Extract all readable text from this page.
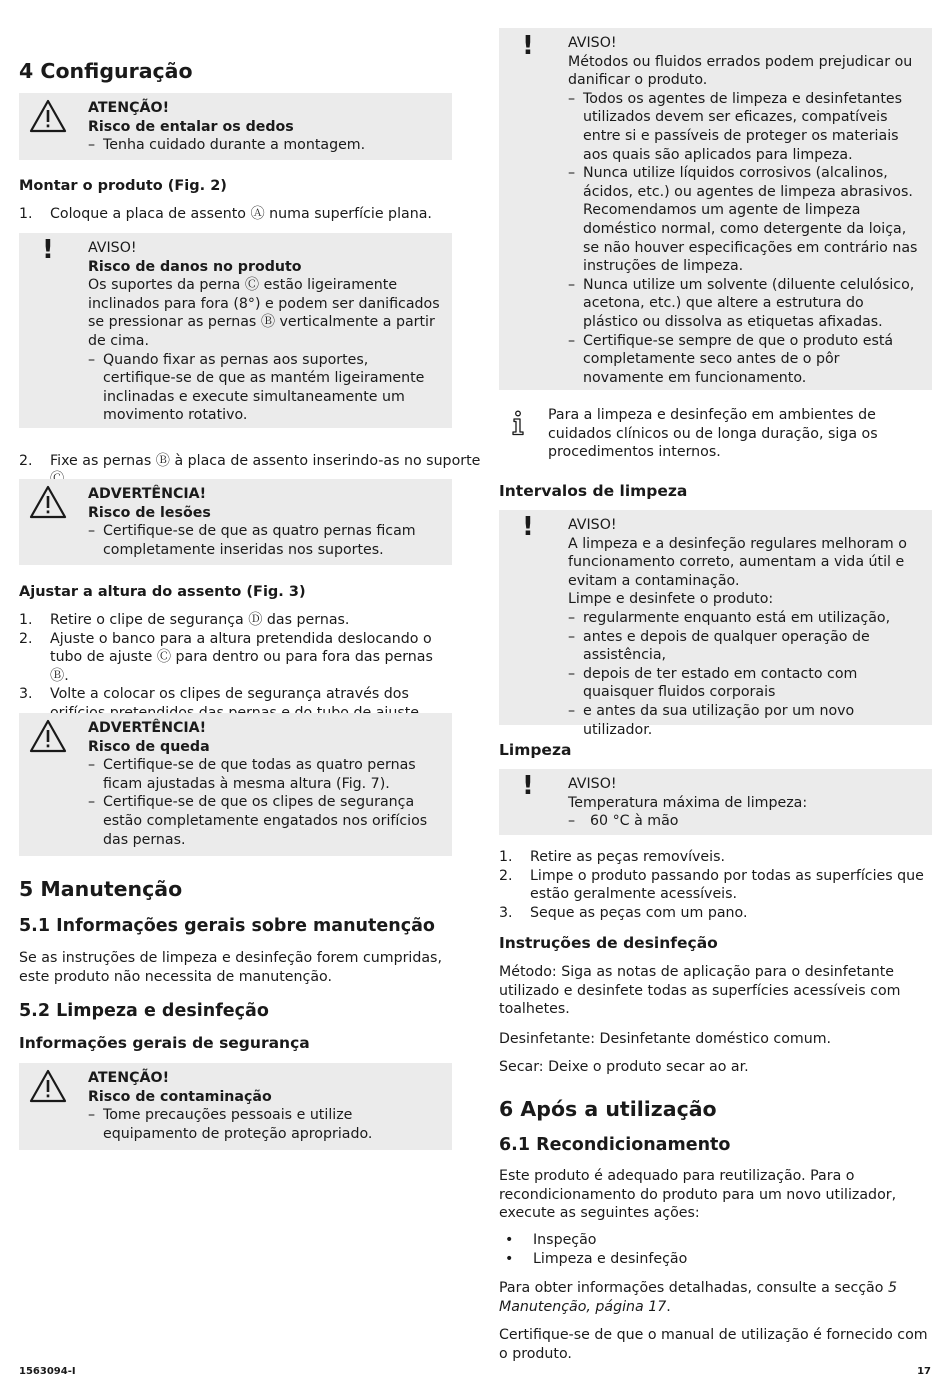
4 Configuração

ATENÇÃO!

Risco de entalar os dedos

– Tenha cuidado durante a montagem.

Montar o produto (Fig. 2)
1. Coloque a placa de assento Ⓐ numa superfície plana.
! AVISO!

Risco de danos no produto

Os suportes da perna Ⓒ estão ligeiramente inclinados para fora (8°) e podem ser danificados se pressionar as pernas Ⓑ verticalmente a partir de cima.

– Quando fixar as pernas aos suportes, certifique-se de que as mantém ligeiramente inclinadas e execute simultaneamente um movimento rotativo.

2. Fixe as pernas Ⓑ à placa de assento inserindo-as no suporte

ADVERTÊNCIA!

Risco de lesões

– Certifique-se de que as quatro pernas ficam completamente inseridas nos suportes.

Ajustar a altura do assento (Fig. 3)
1. Retire o clipe de segurança Ⓓ das pernas.
2. Ajuste o banco para a altura pretendida deslocando o tubo de ajuste Ⓒ para dentro ou para fora das pernas Ⓑ.
3. Volte a colocar os clipes de segurança através dos

ADVERTÊNCIA!

Risco de queda

– Certifique-se de que todas as quatro pernas ficam ajustadas à mesma altura (Fig. 7).

– Certifique-se de que os clipes de segurança estão completamente engatados nos orifícios das pernas.

5 Manutenção
5.1 Informações gerais sobre manutenção

Se as instruções de limpeza e desinfeção forem cumpridas, este produto não necessita de manutenção.

5.2 Limpeza e desinfeção
Informações gerais de segurança

ATENÇÃO!

Risco de contaminação

– Tome precauções pessoais e utilize equipamento de proteção apropriado.

! AVISO!

Métodos ou fluidos errados podem prejudicar ou danificar o produto.

– Todos os agentes de limpeza e desinfetantes utilizados devem ser eficazes, compatíveis entre si e passíveis de proteger os materiais aos quais são aplicados para limpeza.

– Nunca utilize líquidos corrosivos (alcalinos, ácidos, etc.) ou agentes de limpeza abrasivos. Recomendamos um agente de limpeza doméstico normal, como detergente da loiça, se não houver especificações em contrário nas instruções de limpeza.

– Nunca utilize um solvente (diluente celulósico, acetona, etc.) que altere a estrutura do plástico ou dissolva as etiquetas afixadas.

– Certifique-se sempre de que o produto está completamente seco antes de o pôr novamente em funcionamento.

Para a limpeza e desinfeção em ambientes de cuidados clínicos ou de longa duração, siga os procedimentos internos.

Intervalos de limpeza
! AVISO!

A limpeza e a desinfeção regulares melhoram o funcionamento correto, aumentam a vida útil e evitam a contaminação.

Limpe e desinfete o produto:

– regularmente enquanto está em utilização,

– antes e depois de qualquer operação de assistência,

– depois de ter estado em contacto com quaisquer fluidos corporais

– e antes da sua utilização por um novo utilizador.

Limpeza
! AVISO!

Temperatura máxima de limpeza:

– 60 °C à mão

1. Retire as peças removíveis.
2. Limpe o produto passando por todas as superfícies que estão geralmente acessíveis.
3. Seque as peças com um pano.
Instruções de desinfeção

Método: Siga as notas de aplicação para o desinfetante utilizado e desinfete todas as superfícies acessíveis com toalhetes.

Desinfetante: Desinfetante doméstico comum.

Secar: Deixe o produto secar ao ar.

6 Após a utilização
6.1 Recondicionamento

Este produto é adequado para reutilização. Para o recondicionamento do produto para um novo utilizador, execute as seguintes ações:

• Inspeção

• Limpeza e desinfeção

Para obter informações detalhadas, consulte a secção 5 Manutenção, página 17.

Certifique-se de que o manual de utilização é fornecido com o produto.

1563094-I	17
